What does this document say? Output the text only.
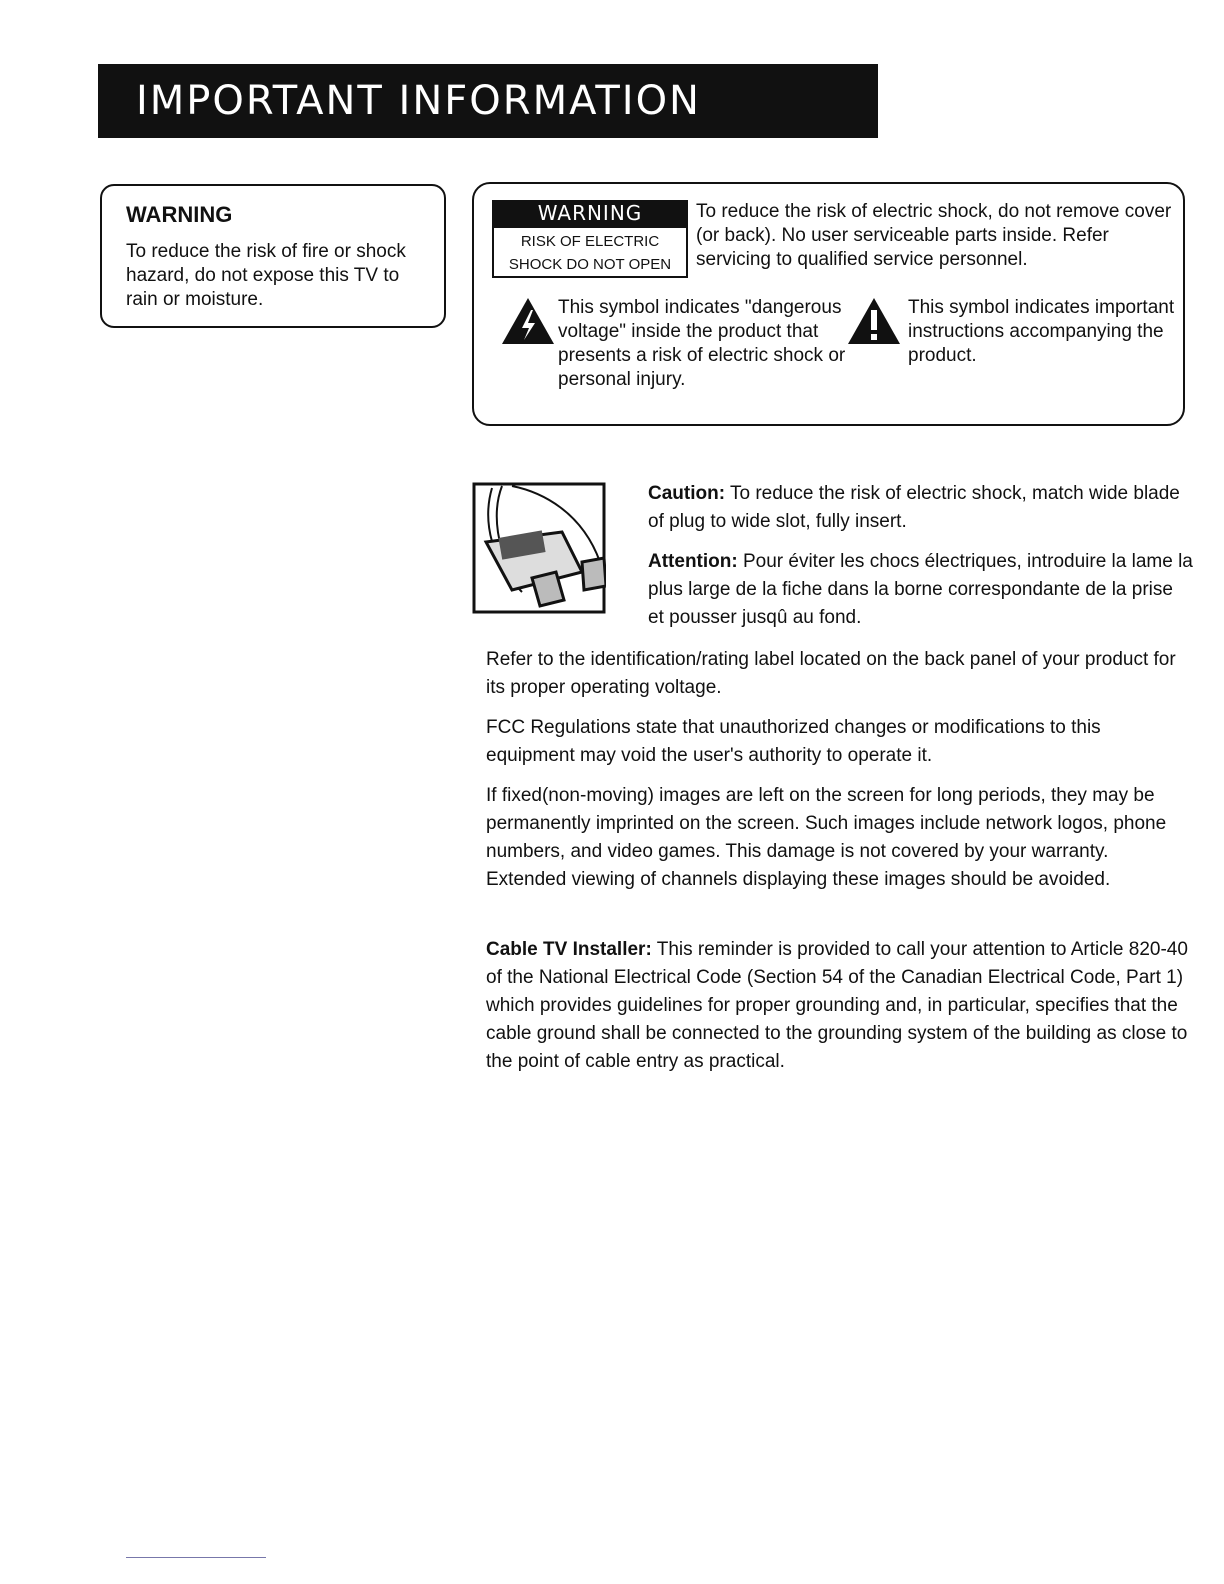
IMPORTANT INFORMATION
WARNING
To reduce the risk of fire or shock hazard, do not expose this TV to rain or moisture.
WARNING
RISK OF ELECTRIC
SHOCK DO NOT OPEN
To reduce the risk of electric shock, do not remove cover (or back). No user serviceable parts inside. Refer servicing to qualified service personnel.
This symbol indicates "dangerous voltage" inside the product that presents a risk of electric shock or personal injury.
This symbol indicates important instructions accompanying the product.
Caution: To reduce the risk of electric shock, match wide blade of plug to wide slot, fully insert.
Attention: Pour éviter les chocs électriques, introduire la lame la plus large de la fiche dans la borne correspondante de la prise et pousser jusqû au fond.
Refer to the identification/rating label located on the back panel of your product for its proper operating voltage.
FCC Regulations state that unauthorized changes or modifications to this equipment may void the user's authority to operate it.
If fixed(non-moving) images are left on the screen for long periods, they may be permanently imprinted on the screen. Such images include network logos, phone numbers, and video games. This damage is not covered by your warranty. Extended viewing of channels displaying these images should be avoided.
Cable TV Installer: This reminder is provided to call your attention to Article 820-40 of the National Electrical Code (Section 54 of the Canadian Electrical Code, Part 1) which provides guidelines for proper grounding and, in particular, specifies that the cable ground shall be connected to the grounding system of the building as close to the point of cable entry as practical.
